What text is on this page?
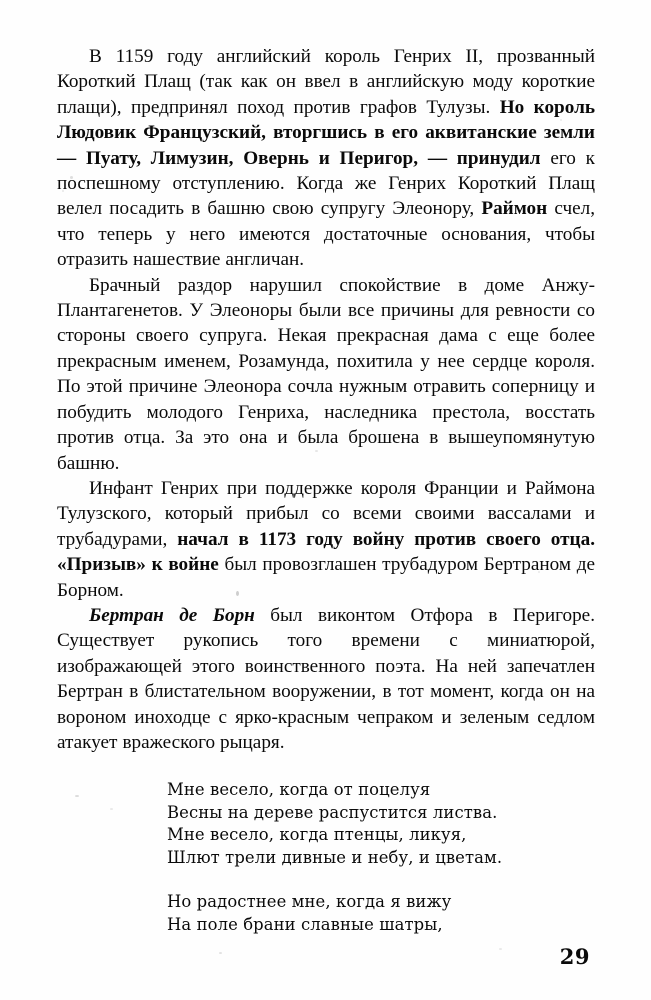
В 1159 году английский король Генрих II, прозванный Короткий Плащ (так как он ввел в английскую моду короткие плащи), предпринял поход против графов Тулузы. Но король Людовик Французский, вторгшись в его аквитанские земли — Пуату, Лимузин, Овернь и Перигор, — принудил его к поспешному отступлению. Когда же Генрих Короткий Плащ велел посадить в башню свою супругу Элеонору, Раймон счел, что теперь у него имеются достаточные основания, чтобы отразить нашествие англичан.

Брачный раздор нарушил спокойствие в доме Анжу-Плантагенетов. У Элеоноры были все причины для ревности со стороны своего супруга. Некая прекрасная дама с еще более прекрасным именем, Розамунда, похитила у нее сердце короля. По этой причине Элеонора сочла нужным отравить соперницу и побудить молодого Генриха, наследника престола, восстать против отца. За это она и была брошена в вышеупомянутую башню.

Инфант Генрих при поддержке короля Франции и Раймона Тулузского, который прибыл со всеми своими вассалами и трубадурами, начал в 1173 году войну против своего отца. «Призыв» к войне был провозглашен трубадуром Бертраном де Борном.

Бертран де Борн был виконтом Отфора в Перигоре. Существует рукопись того времени с миниатюрой, изображающей этого воинственного поэта. На ней запечатлен Бертран в блистательном вооружении, в тот момент, когда он на вороном иноходце с ярко-красным чепраком и зеленым седлом атакует вражеского рыцаря.

Мне весело, когда от поцелуя
Весны на дереве распустится листва.
Мне весело, когда птенцы, ликуя,
Шлют трели дивные и небу, и цветам.
Но радостнее мне, когда я вижу
На поле брани славные шатры,
29
